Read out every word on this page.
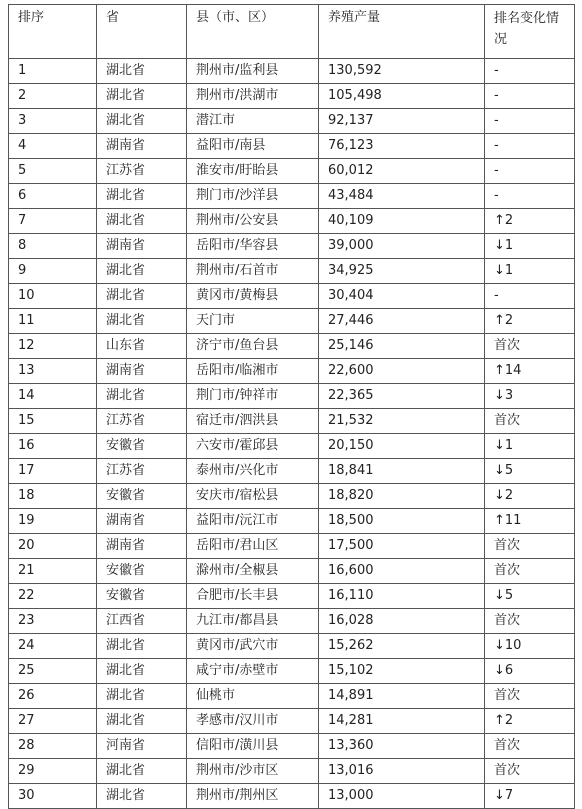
排序	省	县（市、区）	养殖产量	排名变化情况
1	湖北省	荆州市/监利县	130,592	-
2	湖北省	荆州市/洪湖市	105,498	-
3	湖北省	潜江市	92,137	-
4	湖南省	益阳市/南县	76,123	-
5	江苏省	淮安市/盱眙县	60,012	-
6	湖北省	荆门市/沙洋县	43,484	-
7	湖北省	荆州市/公安县	40,109	↑2
8	湖南省	岳阳市/华容县	39,000	↓1
9	湖北省	荆州市/石首市	34,925	↓1
10	湖北省	黄冈市/黄梅县	30,404	-
11	湖北省	天门市	27,446	↑2
12	山东省	济宁市/鱼台县	25,146	首次
13	湖南省	岳阳市/临湘市	22,600	↑14
14	湖北省	荆门市/钟祥市	22,365	↓3
15	江苏省	宿迁市/泗洪县	21,532	首次
16	安徽省	六安市/霍邱县	20,150	↓1
17	江苏省	泰州市/兴化市	18,841	↓5
18	安徽省	安庆市/宿松县	18,820	↓2
19	湖南省	益阳市/沅江市	18,500	↑11
20	湖南省	岳阳市/君山区	17,500	首次
21	安徽省	滁州市/全椒县	16,600	首次
22	安徽省	合肥市/长丰县	16,110	↓5
23	江西省	九江市/都昌县	16,028	首次
24	湖北省	黄冈市/武穴市	15,262	↓10
25	湖北省	咸宁市/赤壁市	15,102	↓6
26	湖北省	仙桃市	14,891	首次
27	湖北省	孝感市/汉川市	14,281	↑2
28	河南省	信阳市/潢川县	13,360	首次
29	湖北省	荆州市/沙市区	13,016	首次
30	湖北省	荆州市/荆州区	13,000	↓7
